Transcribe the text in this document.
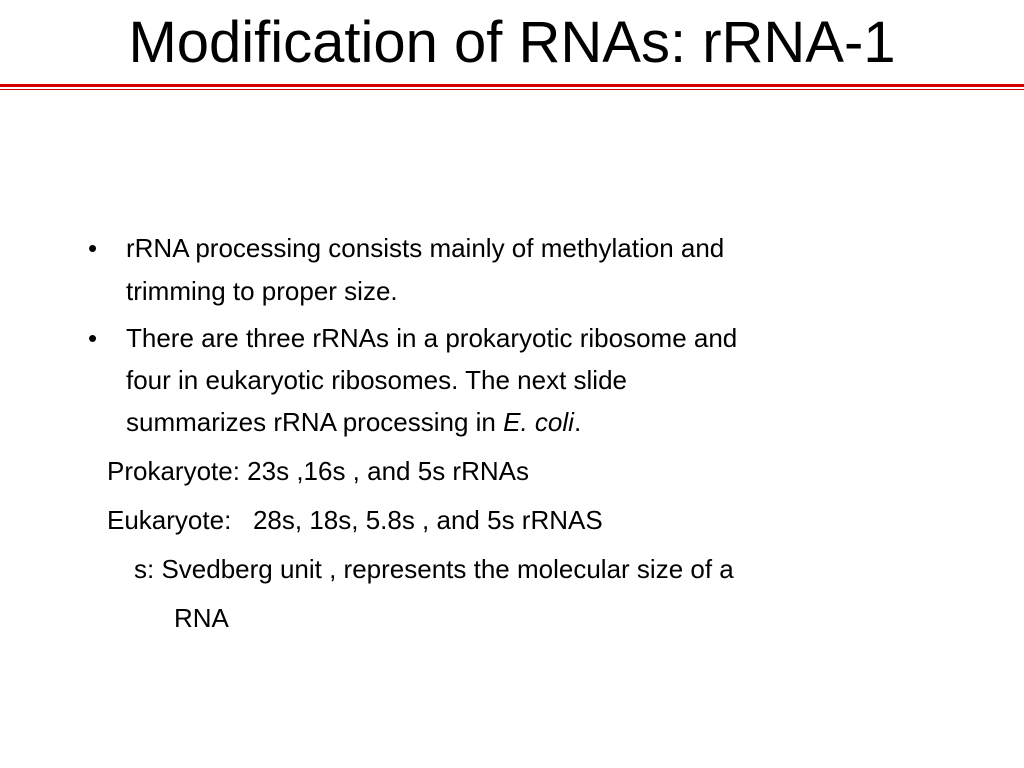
Modification of RNAs: rRNA-1
• rRNA processing consists mainly of methylation and
trimming to proper size.
• There are three rRNAs in a prokaryotic ribosome and
four in eukaryotic ribosomes. The next slide
summarizes rRNA processing in E. coli.
Prokaryote: 23s ,16s , and 5s rRNAs
Eukaryote:   28s, 18s, 5.8s , and 5s rRNAS
s: Svedberg unit , represents the molecular size of a
RNA
